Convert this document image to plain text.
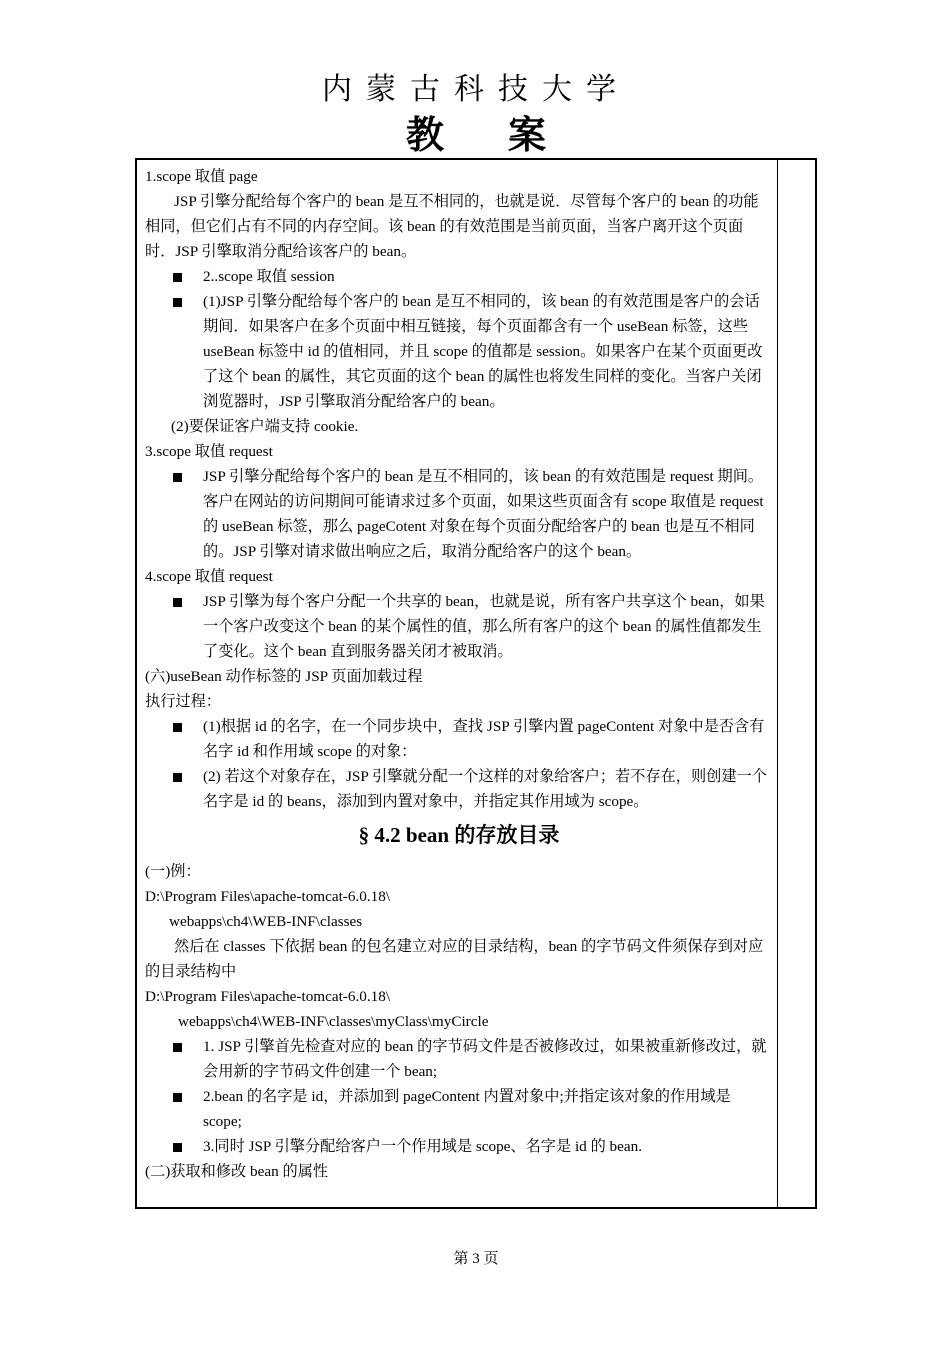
内蒙古科技大学
教 案

1.scope 取值 page

JSP 引擎分配给每个客户的 bean 是互不相同的，也就是说．尽管每个客户的 bean 的功能相同，但它们占有不同的内存空间。该 bean 的有效范围是当前页面，当客户离开这个页面时．JSP 引擎取消分配给该客户的 bean。

2..scope 取值 session

(1)JSP 引擎分配给每个客户的 bean 是互不相同的，该 bean 的有效范围是客户的会话期间．如果客户在多个页面中相互链接，每个页面都含有一个 useBean 标签，这些 useBean 标签中 id 的值相同，并且 scope 的值都是 session。如果客户在某个页面更改了这个 bean 的属性，其它页面的这个 bean 的属性也将发生同样的变化。当客户关闭浏览器时，JSP 引擎取消分配给客户的 bean。

(2)要保证客户端支持 cookie.

3.scope 取值 request

JSP 引擎分配给每个客户的 bean 是互不相同的，该 bean 的有效范围是 request 期间。客户在网站的访问期间可能请求过多个页面，如果这些页面含有 scope 取值是 request 的 useBean 标签，那么 pageCotent 对象在每个页面分配给客户的 bean 也是互不相同的。JSP 引擎对请求做出响应之后，取消分配给客户的这个 bean。

4.scope 取值 request

JSP 引擎为每个客户分配一个共享的 bean，也就是说，所有客户共享这个 bean，如果一个客户改变这个 bean 的某个属性的值，那么所有客户的这个 bean 的属性值都发生了变化。这个 bean 直到服务器关闭才被取消。

(六)useBean 动作标签的 JSP 页面加载过程

执行过程：

(1)根据 id 的名字，在一个同步块中，查找 JSP 引擎内置 pageContent 对象中是否含有名字 id 和作用域 scope 的对象：

(2) 若这个对象存在，JSP 引擎就分配一个这样的对象给客户；若不存在，则创建一个名字是 id 的 beans，添加到内置对象中，并指定其作用域为 scope。

§ 4.2 bean 的存放目录

(一)例：

D:\Program Files\apache-tomcat-6.0.18\

webapps\ch4\WEB-INF\classes

然后在 classes 下依据 bean 的包名建立对应的目录结构，bean 的字节码文件须保存到对应的目录结构中

D:\Program Files\apache-tomcat-6.0.18\

webapps\ch4\WEB-INF\classes\myClass\myCircle

1. JSP 引擎首先检查对应的 bean 的字节码文件是否被修改过，如果被重新修改过，就会用新的字节码文件创建一个 bean;

2.bean 的名字是 id，并添加到 pageContent 内置对象中;并指定该对象的作用域是 scope;

3.同时 JSP 引擎分配给客户一个作用域是 scope、名字是 id 的 bean.

(二)获取和修改 bean 的属性

第 3 页
